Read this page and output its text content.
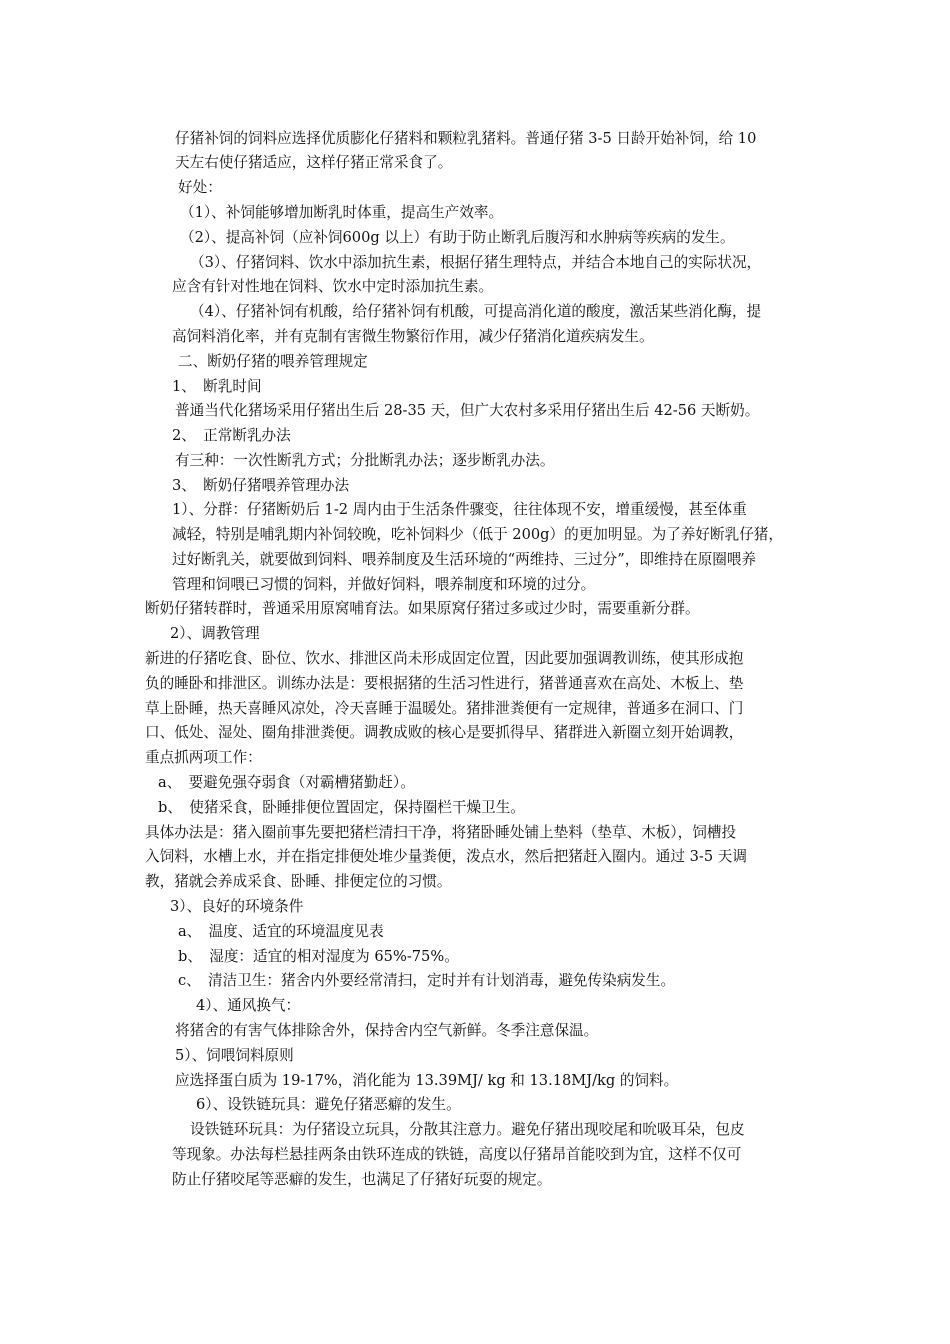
仔猪补饲的饲料应选择优质膨化仔猪料和颗粒乳猪料。普通仔猪 3-5 日龄开始补饲，给 10

天左右使仔猪适应，这样仔猪正常采食了。

好处：

（1）、补饲能够增加断乳时体重，提高生产效率。

（2）、提高补饲（应补饲600g 以上）有助于防止断乳后腹泻和水肿病等疾病的发生。

（3）、仔猪饲料、饮水中添加抗生素，根据仔猪生理特点，并结合本地自己的实际状况，

应含有针对性地在饲料、饮水中定时添加抗生素。

（4）、仔猪补饲有机酸，给仔猪补饲有机酸，可提高消化道的酸度，激活某些消化酶，提

高饲料消化率，并有克制有害微生物繁衍作用，减少仔猪消化道疾病发生。

二、断奶仔猪的喂养管理规定

1、　断乳时间

普通当代化猪场采用仔猪出生后 28-35 天，但广大农村多采用仔猪出生后 42-56 天断奶。

2、　正常断乳办法

有三种：一次性断乳方式；分批断乳办法；逐步断乳办法。

3、　断奶仔猪喂养管理办法

1）、分群：仔猪断奶后 1-2 周内由于生活条件骤变，往往体现不安，增重缓慢，甚至体重

减轻，特别是哺乳期内补饲较晚，吃补饲料少（低于 200g）的更加明显。为了养好断乳仔猪，

过好断乳关，就要做到饲料、喂养制度及生活环境的“两维持、三过分”，即维持在原圈喂养

管理和饲喂已习惯的饲料，并做好饲料，喂养制度和环境的过分。

断奶仔猪转群时，普通采用原窝哺育法。如果原窝仔猪过多或过少时，需要重新分群。

2）、调教管理

新进的仔猪吃食、卧位、饮水、排泄区尚未形成固定位置，因此要加强调教训练，使其形成抱

负的睡卧和排泄区。训练办法是：要根据猪的生活习性进行，猪普通喜欢在高处、木板上、垫

草上卧睡，热天喜睡风凉处，冷天喜睡于温暖处。猪排泄粪便有一定规律，普通多在洞口、门

口、低处、湿处、圈角排泄粪便。调教成败的核心是要抓得早、猪群进入新圈立刻开始调教，

重点抓两项工作：

a、　要避免强夺弱食（对霸槽猪勤赶）。

b、　使猪采食，卧睡排便位置固定，保持圈栏干燥卫生。

具体办法是：猪入圈前事先要把猪栏清扫干净，将猪卧睡处铺上垫料（垫草、木板），饲槽投

入饲料，水槽上水，并在指定排便处堆少量粪便，泼点水，然后把猪赶入圈内。通过 3-5 天调

教，猪就会养成采食、卧睡、排便定位的习惯。

3）、良好的环境条件

a、　温度、适宜的环境温度见表

b、　湿度：适宜的相对湿度为 65%-75%。

c、　清洁卫生：猪舍内外要经常清扫，定时并有计划消毒，避免传染病发生。

4）、通风换气：

将猪舍的有害气体排除舍外，保持舍内空气新鲜。冬季注意保温。

5）、饲喂饲料原则

应选择蛋白质为 19-17%，消化能为 13.39MJ/ kg 和 13.18MJ/kg 的饲料。

6）、设铁链玩具：避免仔猪恶癖的发生。

设铁链环玩具：为仔猪设立玩具，分散其注意力。避免仔猪出现咬尾和吮吸耳朵，包皮

等现象。办法每栏悬挂两条由铁环连成的铁链，高度以仔猪昂首能咬到为宜，这样不仅可

防止仔猪咬尾等恶癖的发生，也满足了仔猪好玩耍的规定。
